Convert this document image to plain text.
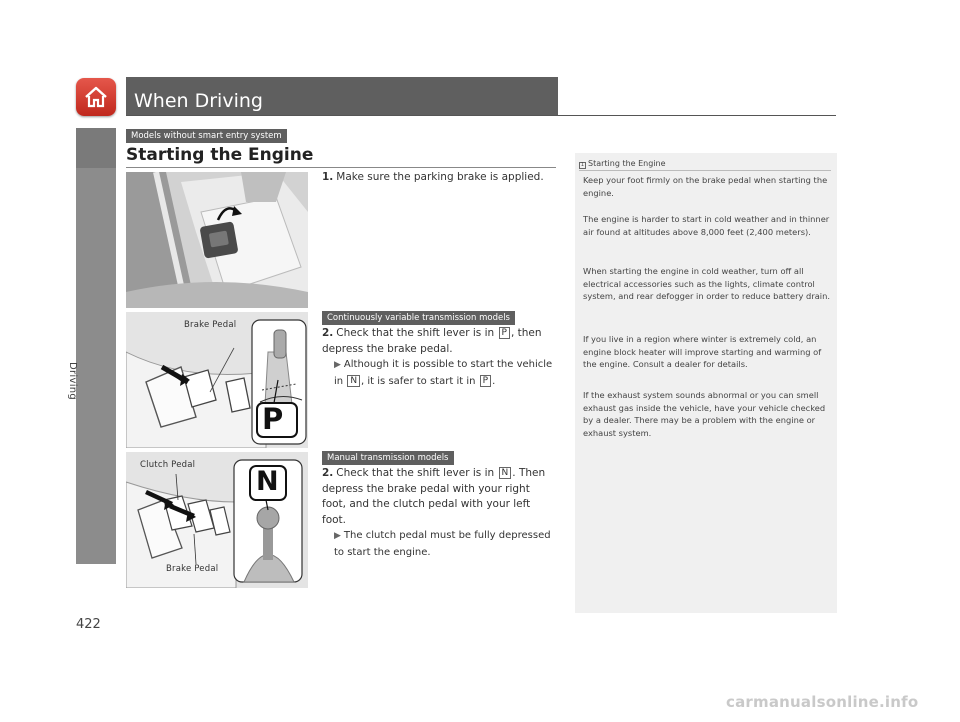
Driving
When Driving
Models without smart entry system
Starting the Engine
Brake Pedal
P
Clutch Pedal
Brake Pedal
N
1. Make sure the parking brake is applied.
Continuously variable transmission models
2. Check that the shift lever is in P , then depress the brake pedal.
▶ Although it is possible to start the vehicle in N , it is safer to start it in P .
Manual transmission models
2. Check that the shift lever is in N . Then depress the brake pedal with your right foot, and the clutch pedal with your left foot.
▶ The clutch pedal must be fully depressed to start the engine.
1 Starting the Engine
Keep your foot firmly on the brake pedal when starting the engine.
The engine is harder to start in cold weather and in thinner air found at altitudes above 8,000 feet (2,400 meters).
When starting the engine in cold weather, turn off all electrical accessories such as the lights, climate control system, and rear defogger in order to reduce battery drain.
If you live in a region where winter is extremely cold, an engine block heater will improve starting and warming of the engine. Consult a dealer for details.
If the exhaust system sounds abnormal or you can smell exhaust gas inside the vehicle, have your vehicle checked by a dealer. There may be a problem with the engine or exhaust system.
422
carmanualsonline.info
